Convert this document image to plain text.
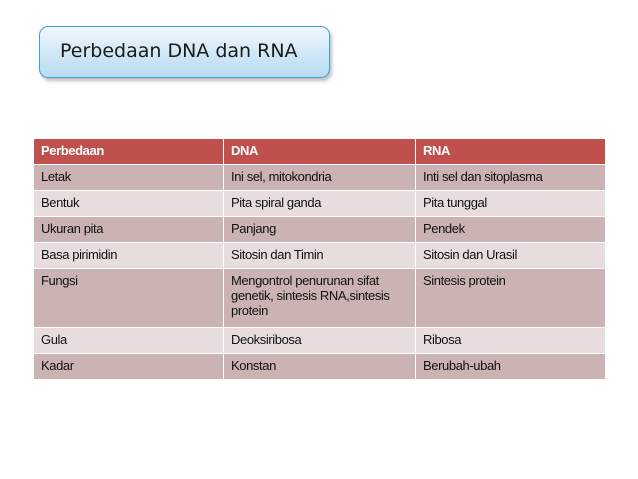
Perbedaan DNA dan RNA
Perbedaan	DNA	RNA
Letak	Ini sel, mitokondria	Inti sel dan sitoplasma
Bentuk	Pita spiral ganda	Pita tunggal
Ukuran pita	Panjang	Pendek
Basa pirimidin	Sitosin dan Timin	Sitosin dan Urasil
Fungsi	Mengontrol penurunan sifat genetik, sintesis RNA,sintesis protein	Sintesis protein
Gula	Deoksiribosa	Ribosa
Kadar	Konstan	Berubah-ubah
